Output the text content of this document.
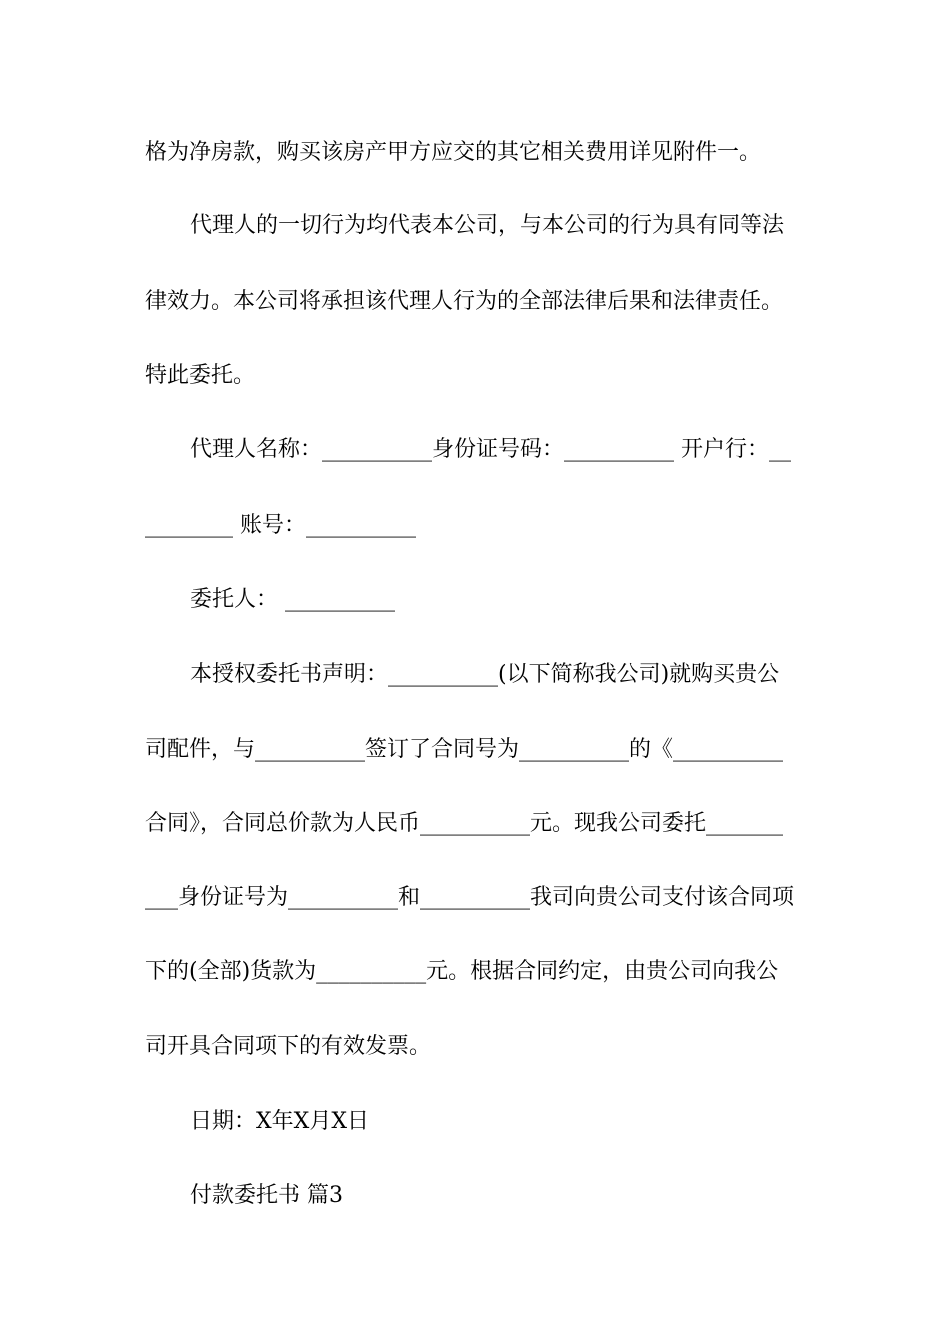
格为净房款，购买该房产甲方应交的其它相关费用详见附件一。
代理人的一切行为均代表本公司，与本公司的行为具有同等法
律效力。本公司将承担该代理人行为的全部法律后果和法律责任。
特此委托。
代理人名称：__________身份证号码：__________ 开户行：__
________ 账号：__________
委托人： __________
本授权委托书声明：__________(以下简称我公司)就购买贵公
司配件，与__________签订了合同号为__________的《__________
合同》，合同总价款为人民币__________元。现我公司委托_______
___身份证号为__________和__________我司向贵公司支付该合同项
下的(全部)货款为__________元。根据合同约定，由贵公司向我公
司开具合同项下的有效发票。
日期：X年X月X日
付款委托书 篇3
